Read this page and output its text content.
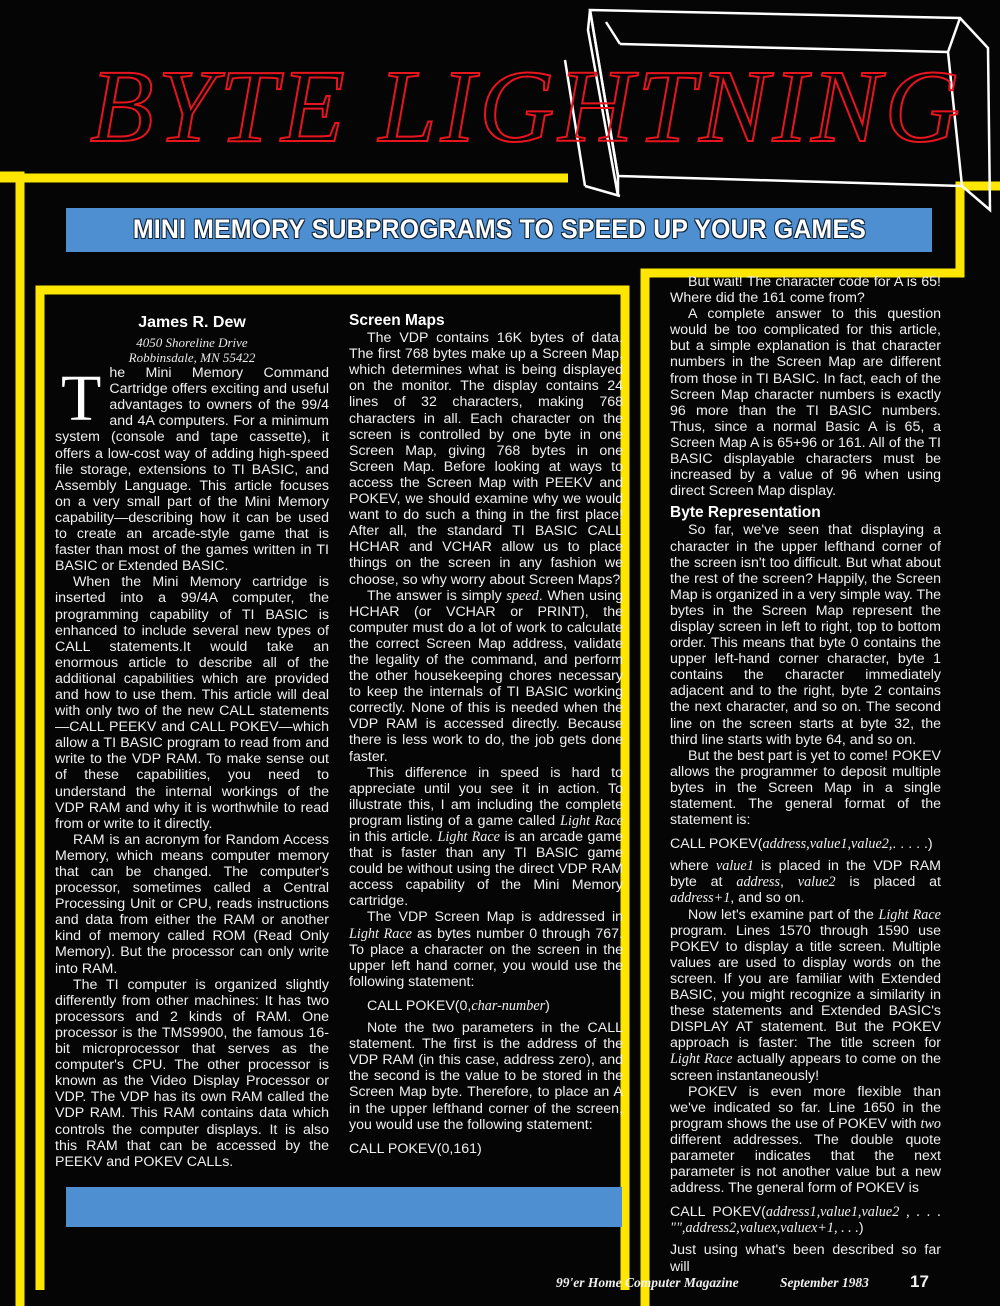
BYTE LIGHTNING
MINI MEMORY SUBPROGRAMS TO SPEED UP YOUR GAMES
James R. Dew
4050 Shoreline Drive
Robbinsdale, MN 55422

The Mini Memory Command Cartridge offers exciting and useful advantages to owners of the 99/4 and 4A computers. For a minimum system (console and tape cassette), it offers a low-cost way of adding high-speed file storage, extensions to TI BASIC, and Assembly Language. This article focuses on a very small part of the Mini Memory capability—describing how it can be used to create an arcade-style game that is faster than most of the games written in TI BASIC or Extended BASIC.

When the Mini Memory cartridge is inserted into a 99/4A computer, the programming capability of TI BASIC is enhanced to include several new types of CALL statements.It would take an enormous article to describe all of the additional capabilities which are provided and how to use them. This article will deal with only two of the new CALL statements—CALL PEEKV and CALL POKEV—which allow a TI BASIC program to read from and write to the VDP RAM. To make sense out of these capabilities, you need to understand the internal workings of the VDP RAM and why it is worthwhile to read from or write to it directly.

RAM is an acronym for Random Access Memory, which means computer memory that can be changed. The computer's processor, sometimes called a Central Processing Unit or CPU, reads instructions and data from either the RAM or another kind of memory called ROM (Read Only Memory). But the processor can only write into RAM.

The TI computer is organized slightly differently from other machines: It has two processors and 2 kinds of RAM. One processor is the TMS9900, the famous 16-bit microprocessor that serves as the computer's CPU. The other processor is known as the Video Display Processor or VDP. The VDP has its own RAM called the VDP RAM. This RAM contains data which controls the computer displays. It is also this RAM that can be accessed by the PEEKV and POKEV CALLs.

Screen Maps

The VDP contains 16K bytes of data. The first 768 bytes make up a Screen Map, which determines what is being displayed on the monitor. The display contains 24 lines of 32 characters, making 768 characters in all. Each character on the screen is controlled by one byte in one Screen Map, giving 768 bytes in one Screen Map. Before looking at ways to access the Screen Map with PEEKV and POKEV, we should examine why we would want to do such a thing in the first place! After all, the standard TI BASIC CALL HCHAR and VCHAR allow us to place things on the screen in any fashion we choose, so why worry about Screen Maps?

The answer is simply speed. When using HCHAR (or VCHAR or PRINT), the computer must do a lot of work to calculate the correct Screen Map address, validate the legality of the command, and perform the other housekeeping chores necessary to keep the internals of TI BASIC working correctly. None of this is needed when the VDP RAM is accessed directly. Because there is less work to do, the job gets done faster.

This difference in speed is hard to appreciate until you see it in action. To illustrate this, I am including the complete program listing of a game called Light Race in this article. Light Race is an arcade game that is faster than any TI BASIC game could be without using the direct VDP RAM access capability of the Mini Memory cartridge.

The VDP Screen Map is addressed in Light Race as bytes number 0 through 767. To place a character on the screen in the upper left hand corner, you would use the following statement:

CALL POKEV(0,char-number)

Note the two parameters in the CALL statement. The first is the address of the VDP RAM (in this case, address zero), and the second is the value to be stored in the Screen Map byte. Therefore, to place an A in the upper lefthand corner of the screen, you would use the following statement:

CALL POKEV(0,161)

But wait! The character code for A is 65! Where did the 161 come from?

A complete answer to this question would be too complicated for this article, but a simple explanation is that character numbers in the Screen Map are different from those in TI BASIC. In fact, each of the Screen Map character numbers is exactly 96 more than the TI BASIC numbers. Thus, since a normal Basic A is 65, a Screen Map A is 65+96 or 161. All of the TI BASIC displayable characters must be increased by a value of 96 when using direct Screen Map display.

Byte Representation

So far, we've seen that displaying a character in the upper lefthand corner of the screen isn't too difficult. But what about the rest of the screen? Happily, the Screen Map is organized in a very simple way. The bytes in the Screen Map represent the display screen in left to right, top to bottom order. This means that byte 0 contains the upper left-hand corner character, byte 1 contains the character immediately adjacent and to the right, byte 2 contains the next character, and so on. The second line on the screen starts at byte 32, the third line starts with byte 64, and so on.

But the best part is yet to come! POKEV allows the programmer to deposit multiple bytes in the Screen Map in a single statement. The general format of the statement is:

CALL POKEV(address,value1,value2,. . . . .)

where value1 is placed in the VDP RAM byte at address, value2 is placed at address+1, and so on.

Now let's examine part of the Light Race program. Lines 1570 through 1590 use POKEV to display a title screen. Multiple values are used to display words on the screen. If you are familiar with Extended BASIC, you might recognize a similarity in these statements and Extended BASIC's DISPLAY AT statement. But the POKEV approach is faster: The title screen for Light Race actually appears to come on the screen instantaneously!

POKEV is even more flexible than we've indicated so far. Line 1650 in the program shows the use of POKEV with two different addresses. The double quote parameter indicates that the next parameter is not another value but a new address. The general form of POKEV is

CALL POKEV(address1,value1,value2 , . . . "",address2,valuex,valuex+1, . . .)

Just using what's been described so far will

99'er Home Computer Magazine	September 1983 17
